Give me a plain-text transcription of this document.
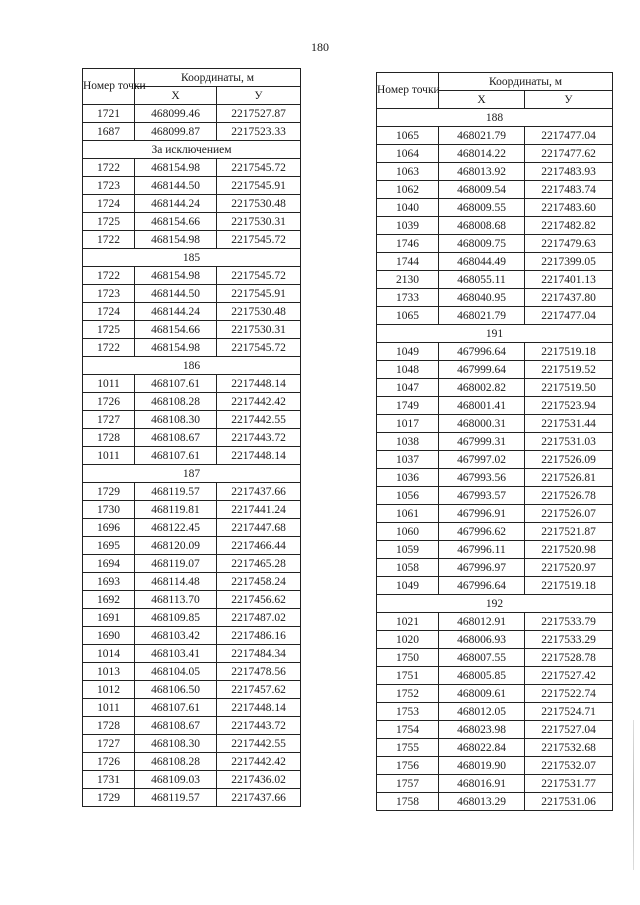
180
Номер точки	Координаты, м	
	Х	У
1721	468099.46	2217527.87
1687	468099.87	2217523.33
За исключением		
1722	468154.98	2217545.72
1723	468144.50	2217545.91
1724	468144.24	2217530.48
1725	468154.66	2217530.31
1722	468154.98	2217545.72
185		
1722	468154.98	2217545.72
1723	468144.50	2217545.91
1724	468144.24	2217530.48
1725	468154.66	2217530.31
1722	468154.98	2217545.72
186		
1011	468107.61	2217448.14
1726	468108.28	2217442.42
1727	468108.30	2217442.55
1728	468108.67	2217443.72
1011	468107.61	2217448.14
187		
1729	468119.57	2217437.66
1730	468119.81	2217441.24
1696	468122.45	2217447.68
1695	468120.09	2217466.44
1694	468119.07	2217465.28
1693	468114.48	2217458.24
1692	468113.70	2217456.62
1691	468109.85	2217487.02
1690	468103.42	2217486.16
1014	468103.41	2217484.34
1013	468104.05	2217478.56
1012	468106.50	2217457.62
1011	468107.61	2217448.14
1728	468108.67	2217443.72
1727	468108.30	2217442.55
1726	468108.28	2217442.42
1731	468109.03	2217436.02
1729	468119.57	2217437.66
Номер точки	Координаты, м	
	Х	У
188		
1065	468021.79	2217477.04
1064	468014.22	2217477.62
1063	468013.92	2217483.93
1062	468009.54	2217483.74
1040	468009.55	2217483.60
1039	468008.68	2217482.82
1746	468009.75	2217479.63
1744	468044.49	2217399.05
2130	468055.11	2217401.13
1733	468040.95	2217437.80
1065	468021.79	2217477.04
191		
1049	467996.64	2217519.18
1048	467999.64	2217519.52
1047	468002.82	2217519.50
1749	468001.41	2217523.94
1017	468000.31	2217531.44
1038	467999.31	2217531.03
1037	467997.02	2217526.09
1036	467993.56	2217526.81
1056	467993.57	2217526.78
1061	467996.91	2217526.07
1060	467996.62	2217521.87
1059	467996.11	2217520.98
1058	467996.97	2217520.97
1049	467996.64	2217519.18
192		
1021	468012.91	2217533.79
1020	468006.93	2217533.29
1750	468007.55	2217528.78
1751	468005.85	2217527.42
1752	468009.61	2217522.74
1753	468012.05	2217524.71
1754	468023.98	2217527.04
1755	468022.84	2217532.68
1756	468019.90	2217532.07
1757	468016.91	2217531.77
1758	468013.29	2217531.06
